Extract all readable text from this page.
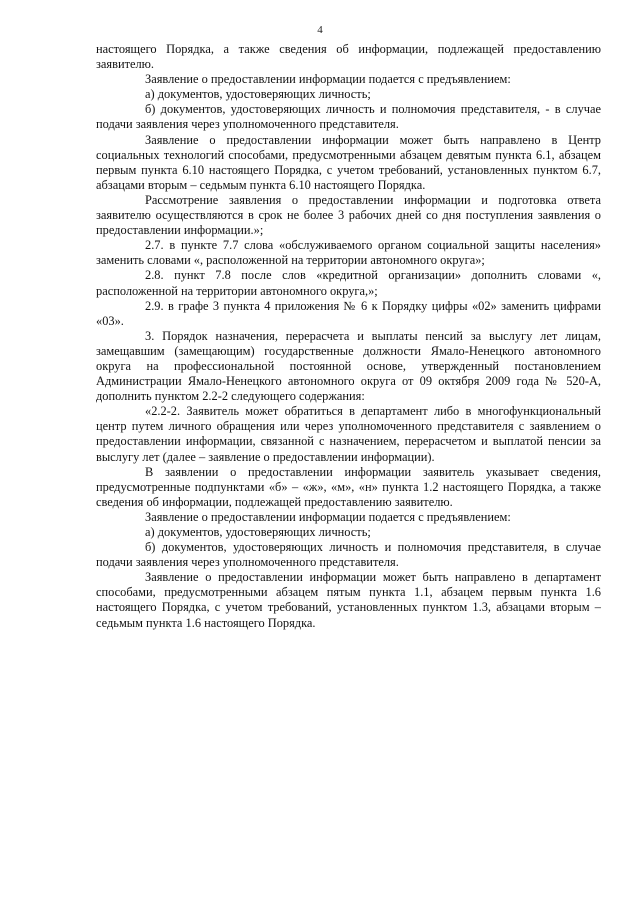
4

настоящего Порядка, а также сведения об информации, подлежащей предоставлению заявителю.

Заявление о предоставлении информации подается с предъявлением:

а) документов, удостоверяющих личность;

б) документов, удостоверяющих личность и полномочия представителя, - в случае подачи заявления через уполномоченного представителя.

Заявление о предоставлении информации может быть направлено в Центр социальных технологий способами, предусмотренными абзацем девятым пункта 6.1, абзацем первым пункта 6.10 настоящего Порядка, с учетом требований, установленных пунктом 6.7, абзацами вторым – седьмым пункта 6.10 настоящего Порядка.

Рассмотрение заявления о предоставлении информации и подготовка ответа заявителю осуществляются в срок не более 3 рабочих дней со дня поступления заявления о предоставлении информации.»;

2.7. в пункте 7.7 слова «обслуживаемого органом социальной защиты населения» заменить словами «, расположенной на территории автономного округа»;

2.8. пункт 7.8 после слов «кредитной организации» дополнить словами «, расположенной на территории автономного округа,»;

2.9. в графе 3 пункта 4 приложения № 6 к Порядку цифры «02» заменить цифрами «03».

3. Порядок назначения, перерасчета и выплаты пенсий за выслугу лет лицам, замещавшим (замещающим) государственные должности Ямало-Ненецкого автономного округа на профессиональной постоянной основе, утвержденный постановлением Администрации Ямало-Ненецкого автономного округа от 09 октября 2009 года № 520-А, дополнить пунктом 2.2-2 следующего содержания:

«2.2-2. Заявитель может обратиться в департамент либо в многофункциональный центр путем личного обращения или через уполномоченного представителя с заявлением о предоставлении информации, связанной с назначением, перерасчетом и выплатой пенсии за выслугу лет (далее – заявление о предоставлении информации).

В заявлении о предоставлении информации заявитель указывает сведения, предусмотренные подпунктами «б» – «ж», «м», «н» пункта 1.2 настоящего Порядка, а также сведения об информации, подлежащей предоставлению заявителю.

Заявление о предоставлении информации подается с предъявлением:

а) документов, удостоверяющих личность;

б) документов, удостоверяющих личность и полномочия представителя, в случае подачи заявления через уполномоченного представителя.

Заявление о предоставлении информации может быть направлено в департамент способами, предусмотренными абзацем пятым пункта 1.1, абзацем первым пункта 1.6 настоящего Порядка, с учетом требований, установленных пунктом 1.3, абзацами вторым – седьмым пункта 1.6 настоящего Порядка.
